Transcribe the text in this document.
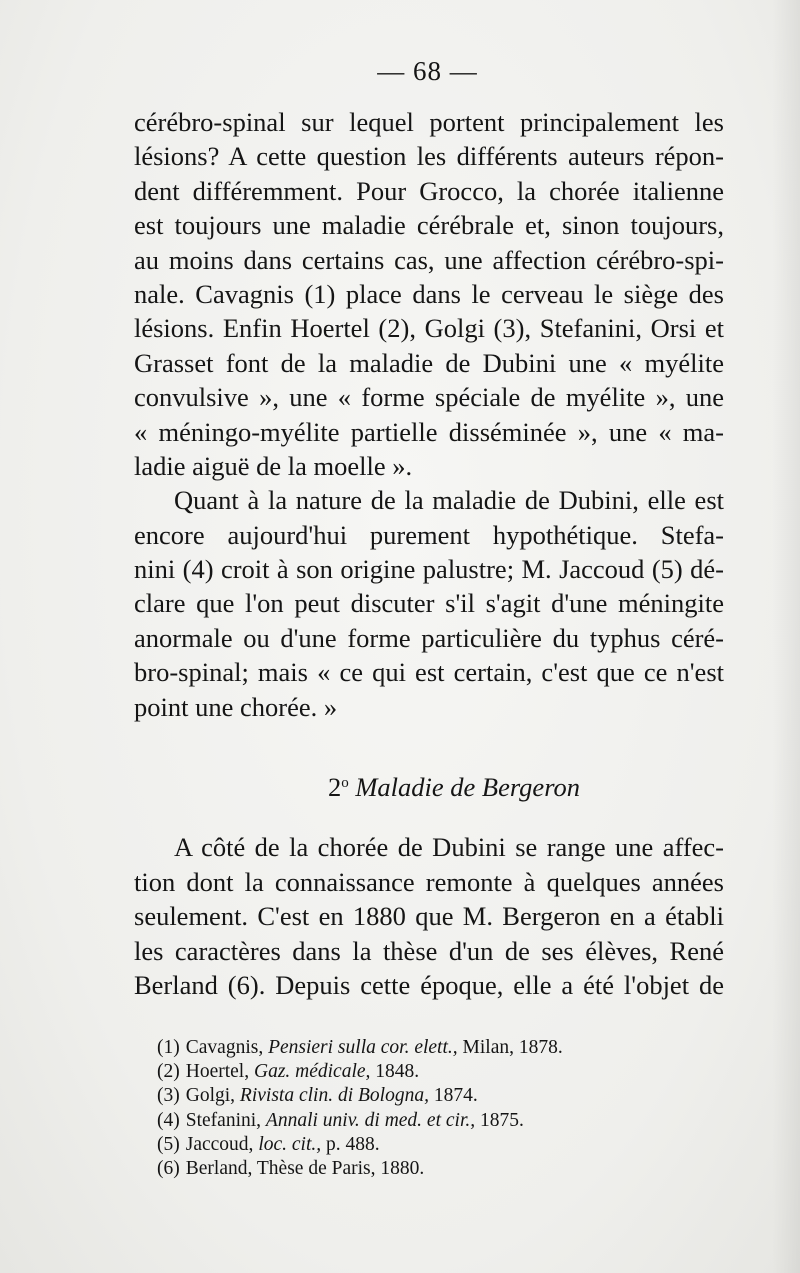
— 68 —
cérébro-spinal sur lequel portent principalement les
lésions? A cette question les différents auteurs répon-
dent différemment. Pour Grocco, la chorée italienne
est toujours une maladie cérébrale et, sinon toujours,
au moins dans certains cas, une affection cérébro-spi-
nale. Cavagnis (1) place dans le cerveau le siège des
lésions. Enfin Hoertel (2), Golgi (3), Stefanini, Orsi et
Grasset font de la maladie de Dubini une « myélite
convulsive », une « forme spéciale de myélite », une
« méningo-myélite partielle disséminée », une « ma-
ladie aiguë de la moelle ».
Quant à la nature de la maladie de Dubini, elle est
encore aujourd'hui purement hypothétique. Stefa-
nini (4) croit à son origine palustre; M. Jaccoud (5) dé-
clare que l'on peut discuter s'il s'agit d'une méningite
anormale ou d'une forme particulière du typhus céré-
bro-spinal; mais « ce qui est certain, c'est que ce n'est
point une chorée. »
2$^o$ Maladie de Bergeron
A côté de la chorée de Dubini se range une affec-
tion dont la connaissance remonte à quelques années
seulement. C'est en 1880 que M. Bergeron en a établi
les caractères dans la thèse d'un de ses élèves, René
Berland (6). Depuis cette époque, elle a été l'objet de
(1) Cavagnis, Pensieri sulla cor. elett., Milan, 1878.
(2) Hoertel, Gaz. médicale, 1848.
(3) Golgi, Rivista clin. di Bologna, 1874.
(4) Stefanini, Annali univ. di med. et cir., 1875.
(5) Jaccoud, loc. cit., p. 488.
(6) Berland, Thèse de Paris, 1880.
